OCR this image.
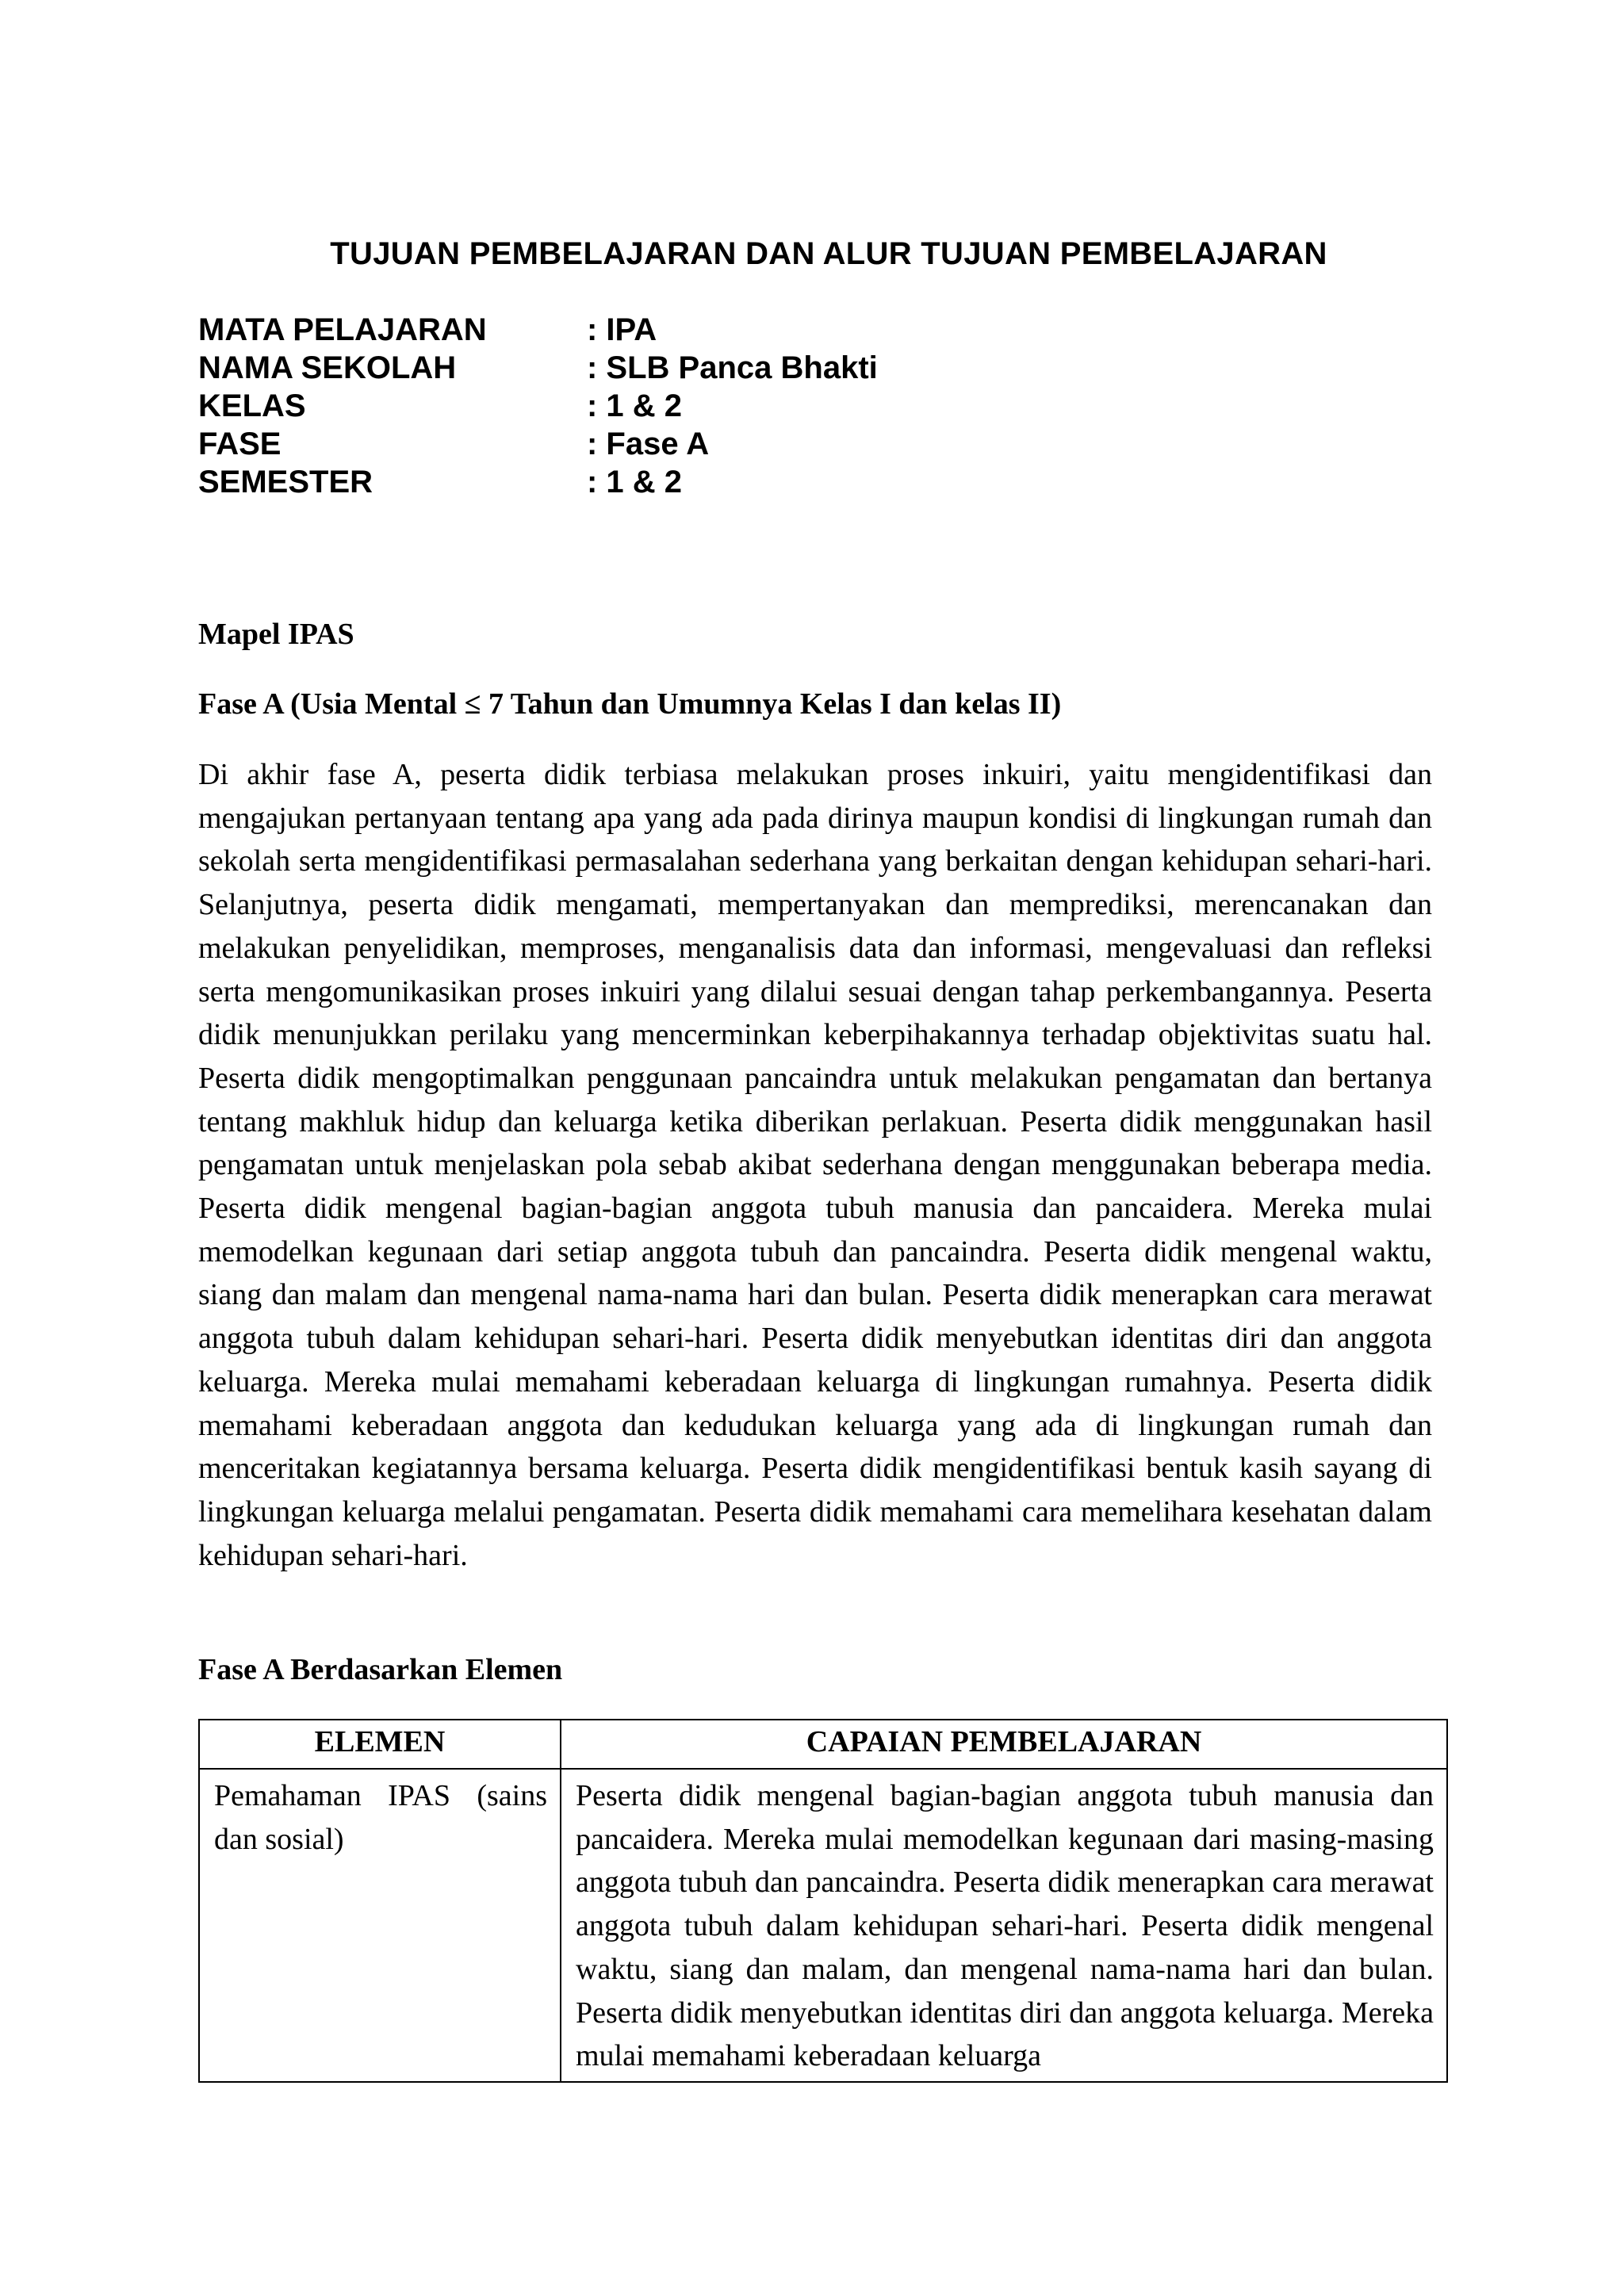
TUJUAN PEMBELAJARAN DAN ALUR TUJUAN PEMBELAJARAN
MATA PELAJARAN	: IPA
NAMA SEKOLAH	: SLB Panca Bhakti
KELAS	: 1 & 2
FASE	: Fase A
SEMESTER	: 1 & 2
Mapel IPAS
Fase A (Usia Mental ≤ 7 Tahun dan Umumnya Kelas I dan kelas II)
Di akhir fase A, peserta didik terbiasa melakukan proses inkuiri, yaitu mengidentifikasi dan mengajukan pertanyaan tentang apa yang ada pada dirinya maupun kondisi di lingkungan rumah dan sekolah serta mengidentifikasi permasalahan sederhana yang berkaitan dengan kehidupan sehari-hari. Selanjutnya, peserta didik mengamati, mempertanyakan dan memprediksi, merencanakan dan melakukan penyelidikan, memproses, menganalisis data dan informasi, mengevaluasi dan refleksi serta mengomunikasikan proses inkuiri yang dilalui sesuai dengan tahap perkembangannya. Peserta didik menunjukkan perilaku yang mencerminkan keberpihakannya terhadap objektivitas suatu hal. Peserta didik mengoptimalkan penggunaan pancaindra untuk melakukan pengamatan dan bertanya tentang makhluk hidup dan keluarga ketika diberikan perlakuan. Peserta didik menggunakan hasil pengamatan untuk menjelaskan pola sebab akibat sederhana dengan menggunakan beberapa media. Peserta didik mengenal bagian-bagian anggota tubuh manusia dan pancaidera. Mereka mulai memodelkan kegunaan dari setiap anggota tubuh dan pancaindra. Peserta didik mengenal waktu, siang dan malam dan mengenal nama-nama hari dan bulan. Peserta didik menerapkan cara merawat anggota tubuh dalam kehidupan sehari-hari. Peserta didik menyebutkan identitas diri dan anggota keluarga. Mereka mulai memahami keberadaan keluarga di lingkungan rumahnya. Peserta didik memahami keberadaan anggota dan kedudukan keluarga yang ada di lingkungan rumah dan menceritakan kegiatannya bersama keluarga. Peserta didik mengidentifikasi bentuk kasih sayang di lingkungan keluarga melalui pengamatan. Peserta didik memahami cara memelihara kesehatan dalam kehidupan sehari-hari.
Fase A Berdasarkan Elemen
ELEMEN	CAPAIAN PEMBELAJARAN
Pemahaman IPAS (sains dan sosial)	Peserta didik mengenal bagian-bagian anggota tubuh manusia dan pancaidera. Mereka mulai memodelkan kegunaan dari masing-masing anggota tubuh dan pancaindra. Peserta didik menerapkan cara merawat anggota tubuh dalam kehidupan sehari-hari. Peserta didik mengenal waktu, siang dan malam, dan mengenal nama-nama hari dan bulan. Peserta didik menyebutkan identitas diri dan anggota keluarga. Mereka mulai memahami keberadaan keluarga
